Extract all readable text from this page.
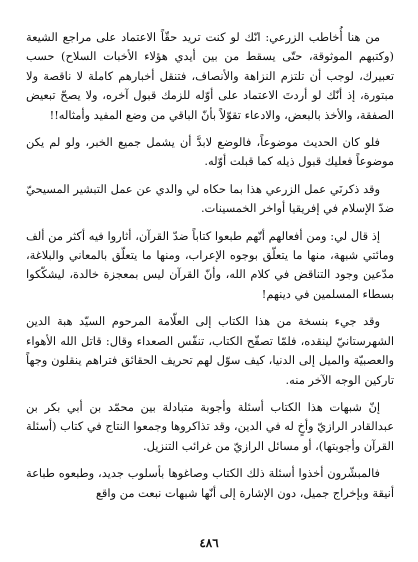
من هنا أُخاطب الزرعي: انّك لو كنت تريد حقّاً الاعتماد على مراجع الشيعة (وكتبهم الموثوقة، حتّى يسقط من بين أيدي هؤلاء الأخبات السلاح) حسب تعبيرك، لوجب أن تلتزم النزاهة والأنصاف، فتنقل أخبارهم كاملة لا ناقصة ولا مبتورة، إذ أنّك لو أردتَ الاعتماد على أوّله للزمك قبول آخره، ولا يصحّ تبعيض الصفقة، والأخذ بالبعض، والادعاء تقوّلاً بأنّ الباقي من وضع المفيد وأمثاله!!

فلو كان الحديث موضوعاً، فالوضع لابدَّ أن يشمل جميع الخبر، ولو لم يكن موضوعاً فعليك قبول ذيله كما قبلت أوّله.

وقد ذكرنَي عمل الزرعي هذا بما حكاه لي والدي عن عمل التبشير المسيحيّ ضدّ الإسلام في إفريقيا أواخر الخمسينات.

إذ قال لي: ومن أفعالهم أنّهم طبعوا كتاباً ضدّ القرآن، أثاروا فيه أكثر من ألف ومائتي شبهة، منها ما يتعلّق بوجوه الإعراب، ومنها ما يتعلّق بالمعاني والبلاغة، مدّعين وجود التناقض في كلام الله، وأنّ القرآن ليس بمعجزة خالدة، ليشكّكوا بسطاء المسلمين في دينهم!

وقد جيء بنسخة من هذا الكتاب إلى العلّامة المرحوم السيّد هبة الدين الشهرستانيّ لينقده، فلمّا تصفّح الكتاب، تنفّس الصعداء وقال: قاتل الله الأهواء والعصبيّة والميل إلى الدنيا، كيف سوّل لهم تحريف الحقائق فتراهم ينقلون وجهاً تاركين الوجه الآخر منه.

إنّ شبهات هذا الكتاب أسئلة وأجوبة متبادلة بين محمّد بن أبي بكر بن عبدالقادر الرازيّ وأخٍ له في الدين، وقد تذاكروها وجمعوا النتاج في كتاب (أسئلة القرآن وأجوبتها)، أو مسائل الرازيّ من غرائب التنزيل.

فالمبشّرون أخذوا أسئلة ذلك الكتاب وصاغوها بأسلوب جديد، وطبعوه طباعة أنيقة وبإخراج جميل، دون الإشارة إلى أنّها شبهات نبعت من واقع

٤٨٦
